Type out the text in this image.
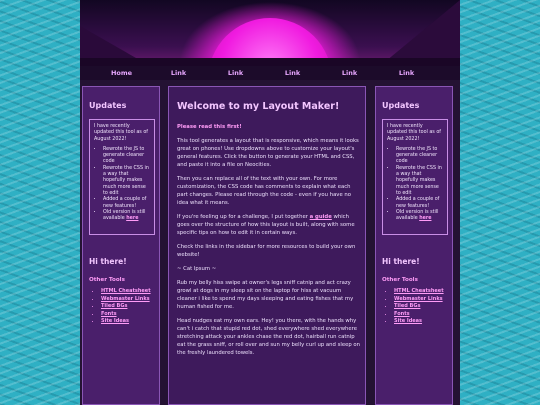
Home	Link	Link	Link	Link	Link
Updates

I have recently updated this tool as of August 2022!

• Rewrote the JS to generate cleaner code
• Rewrote the CSS in a way that hopefully makes much more sense to edit
• Added a couple of new features!
• Old version is still available here
Hi there!
Other Tools
• HTML Cheatsheet
• Webmaster Links
• Tiled BGs
• Fonts
• Site Ideas
Welcome to my Layout Maker!

Please read this first!

This tool generates a layout that is responsive, which means it looks great on phones! Use dropdowns above to customize your layout's general features. Click the button to generate your HTML and CSS, and paste it into a file on Neocities.

Then you can replace all of the text with your own. For more customization, the CSS code has comments to explain what each part changes. Please read through the code - even if you have no idea what it means.

If you're feeling up for a challenge, I put together a guide which goes over the structure of how this layout is built, along with some specific tips on how to edit it in certain ways.

Check the links in the sidebar for more resources to build your own website!

~ Cat Ipsum ~

Rub my belly hiss swipe at owner's legs sniff catnip and act crazy growl at dogs in my sleep sit on the laptop for hiss at vacuum cleaner i like to spend my days sleeping and eating fishes that my human fished for me.

Head nudges eat my own ears. Hey! you there, with the hands why can't i catch that stupid red dot, shed everywhere shed everywhere stretching attack your ankles chase the red dot, hairball run catnip eat the grass sniff, or roll over and sun my belly curl up and sleep on the freshly laundered towels.

Updates

I have recently updated this tool as of August 2022!

• Rewrote the JS to generate cleaner code
• Rewrote the CSS in a way that hopefully makes much more sense to edit
• Added a couple of new features!
• Old version is still available here
Hi there!
Other Tools
• HTML Cheatsheet
• Webmaster Links
• Tiled BGs
• Fonts
• Site Ideas
